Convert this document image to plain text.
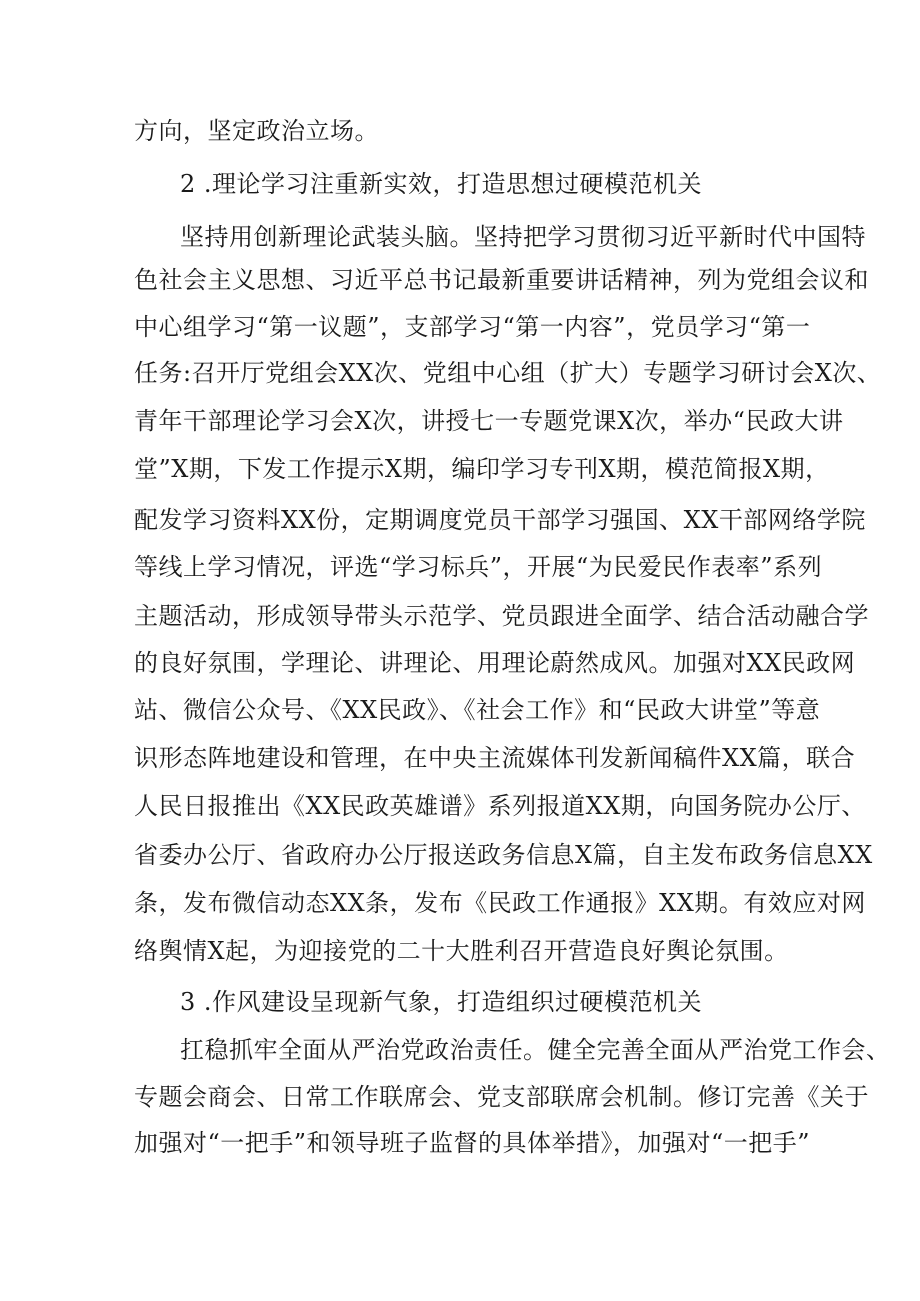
方向，坚定政治立场。
2 .理论学习注重新实效，打造思想过硬模范机关
坚持用创新理论武装头脑。坚持把学习贯彻习近平新时代中国特
色社会主义思想、习近平总书记最新重要讲话精神，列为党组会议和
中心组学习“第一议题”，支部学习“第一内容”，党员学习“第一
任务:召开厅党组会XX次、党组中心组（扩大）专题学习研讨会X次、
青年干部理论学习会X次，讲授七一专题党课X次，举办“民政大讲
堂”X期，下发工作提示X期，编印学习专刊X期，模范简报X期，
配发学习资料XX份，定期调度党员干部学习强国、XX干部网络学院
等线上学习情况，评选“学习标兵”，开展“为民爱民作表率”系列
主题活动，形成领导带头示范学、党员跟进全面学、结合活动融合学
的良好氛围，学理论、讲理论、用理论蔚然成风。加强对XX民政网
站、微信公众号、《XX民政》、《社会工作》和“民政大讲堂”等意
识形态阵地建设和管理，在中央主流媒体刊发新闻稿件XX篇，联合
人民日报推出《XX民政英雄谱》系列报道XX期，向国务院办公厅、
省委办公厅、省政府办公厅报送政务信息X篇，自主发布政务信息XX
条，发布微信动态XX条，发布《民政工作通报》XX期。有效应对网
络舆情X起，为迎接党的二十大胜利召开营造良好舆论氛围。
3 .作风建设呈现新气象，打造组织过硬模范机关
扛稳抓牢全面从严治党政治责任。健全完善全面从严治党工作会、
专题会商会、日常工作联席会、党支部联席会机制。修订完善《关于
加强对“一把手”和领导班子监督的具体举措》，加强对“一把手”
